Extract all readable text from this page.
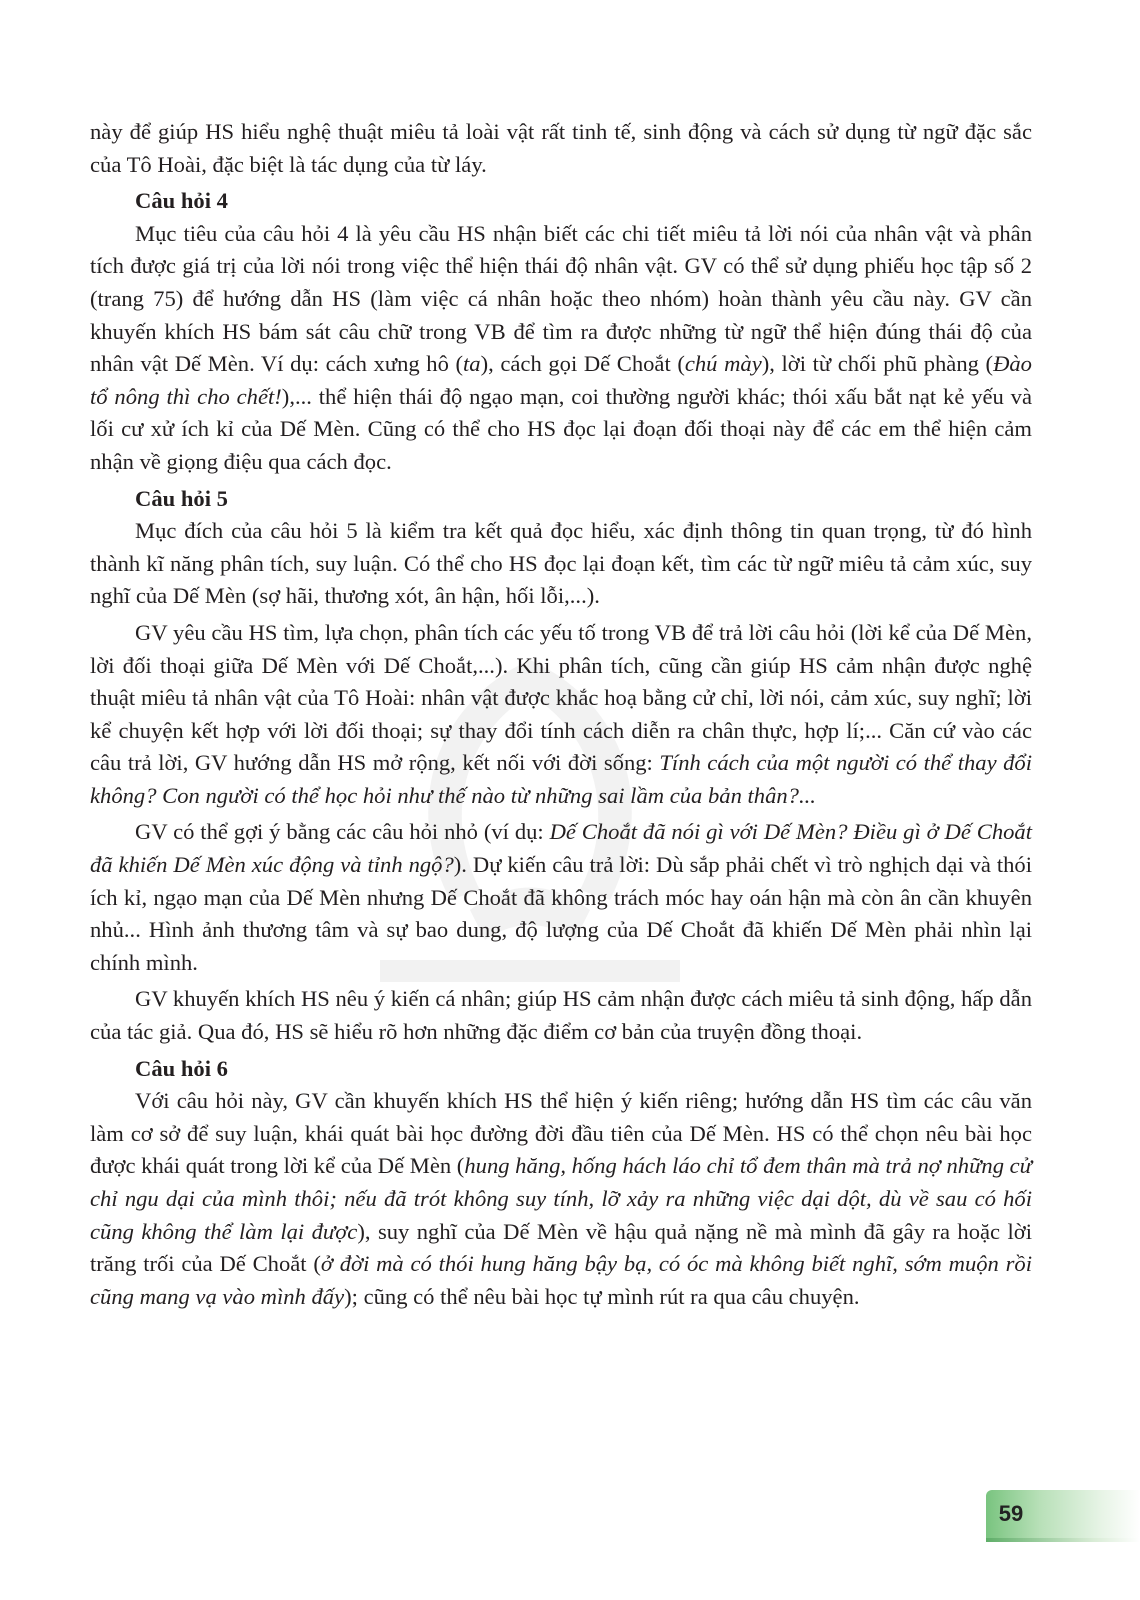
này để giúp HS hiểu nghệ thuật miêu tả loài vật rất tinh tế, sinh động và cách sử dụng từ ngữ đặc sắc của Tô Hoài, đặc biệt là tác dụng của từ láy.

Câu hỏi 4

Mục tiêu của câu hỏi 4 là yêu cầu HS nhận biết các chi tiết miêu tả lời nói của nhân vật và phân tích được giá trị của lời nói trong việc thể hiện thái độ nhân vật. GV có thể sử dụng phiếu học tập số 2 (trang 75) để hướng dẫn HS (làm việc cá nhân hoặc theo nhóm) hoàn thành yêu cầu này. GV cần khuyến khích HS bám sát câu chữ trong VB để tìm ra được những từ ngữ thể hiện đúng thái độ của nhân vật Dế Mèn. Ví dụ: cách xưng hô (ta), cách gọi Dế Choắt (chú mày), lời từ chối phũ phàng (Đào tổ nông thì cho chết!),... thể hiện thái độ ngạo mạn, coi thường người khác; thói xấu bắt nạt kẻ yếu và lối cư xử ích kỉ của Dế Mèn. Cũng có thể cho HS đọc lại đoạn đối thoại này để các em thể hiện cảm nhận về giọng điệu qua cách đọc.

Câu hỏi 5

Mục đích của câu hỏi 5 là kiểm tra kết quả đọc hiểu, xác định thông tin quan trọng, từ đó hình thành kĩ năng phân tích, suy luận. Có thể cho HS đọc lại đoạn kết, tìm các từ ngữ miêu tả cảm xúc, suy nghĩ của Dế Mèn (sợ hãi, thương xót, ân hận, hối lỗi,...).

GV yêu cầu HS tìm, lựa chọn, phân tích các yếu tố trong VB để trả lời câu hỏi (lời kể của Dế Mèn, lời đối thoại giữa Dế Mèn với Dế Choắt,...). Khi phân tích, cũng cần giúp HS cảm nhận được nghệ thuật miêu tả nhân vật của Tô Hoài: nhân vật được khắc hoạ bằng cử chỉ, lời nói, cảm xúc, suy nghĩ; lời kể chuyện kết hợp với lời đối thoại; sự thay đổi tính cách diễn ra chân thực, hợp lí;... Căn cứ vào các câu trả lời, GV hướng dẫn HS mở rộng, kết nối với đời sống: Tính cách của một người có thể thay đổi không? Con người có thể học hỏi như thế nào từ những sai lầm của bản thân?...

GV có thể gợi ý bằng các câu hỏi nhỏ (ví dụ: Dế Choắt đã nói gì với Dế Mèn? Điều gì ở Dế Choắt đã khiến Dế Mèn xúc động và tỉnh ngộ?). Dự kiến câu trả lời: Dù sắp phải chết vì trò nghịch dại và thói ích kỉ, ngạo mạn của Dế Mèn nhưng Dế Choắt đã không trách móc hay oán hận mà còn ân cần khuyên nhủ... Hình ảnh thương tâm và sự bao dung, độ lượng của Dế Choắt đã khiến Dế Mèn phải nhìn lại chính mình.

GV khuyến khích HS nêu ý kiến cá nhân; giúp HS cảm nhận được cách miêu tả sinh động, hấp dẫn của tác giả. Qua đó, HS sẽ hiểu rõ hơn những đặc điểm cơ bản của truyện đồng thoại.

Câu hỏi 6

Với câu hỏi này, GV cần khuyến khích HS thể hiện ý kiến riêng; hướng dẫn HS tìm các câu văn làm cơ sở để suy luận, khái quát bài học đường đời đầu tiên của Dế Mèn. HS có thể chọn nêu bài học được khái quát trong lời kể của Dế Mèn (hung hăng, hống hách láo chỉ tổ đem thân mà trả nợ những cử chỉ ngu dại của mình thôi; nếu đã trót không suy tính, lỡ xảy ra những việc dại dột, dù về sau có hối cũng không thể làm lại được), suy nghĩ của Dế Mèn về hậu quả nặng nề mà mình đã gây ra hoặc lời trăng trối của Dế Choắt (ở đời mà có thói hung hăng bậy bạ, có óc mà không biết nghĩ, sớm muộn rồi cũng mang vạ vào mình đấy); cũng có thể nêu bài học tự mình rút ra qua câu chuyện.

59
